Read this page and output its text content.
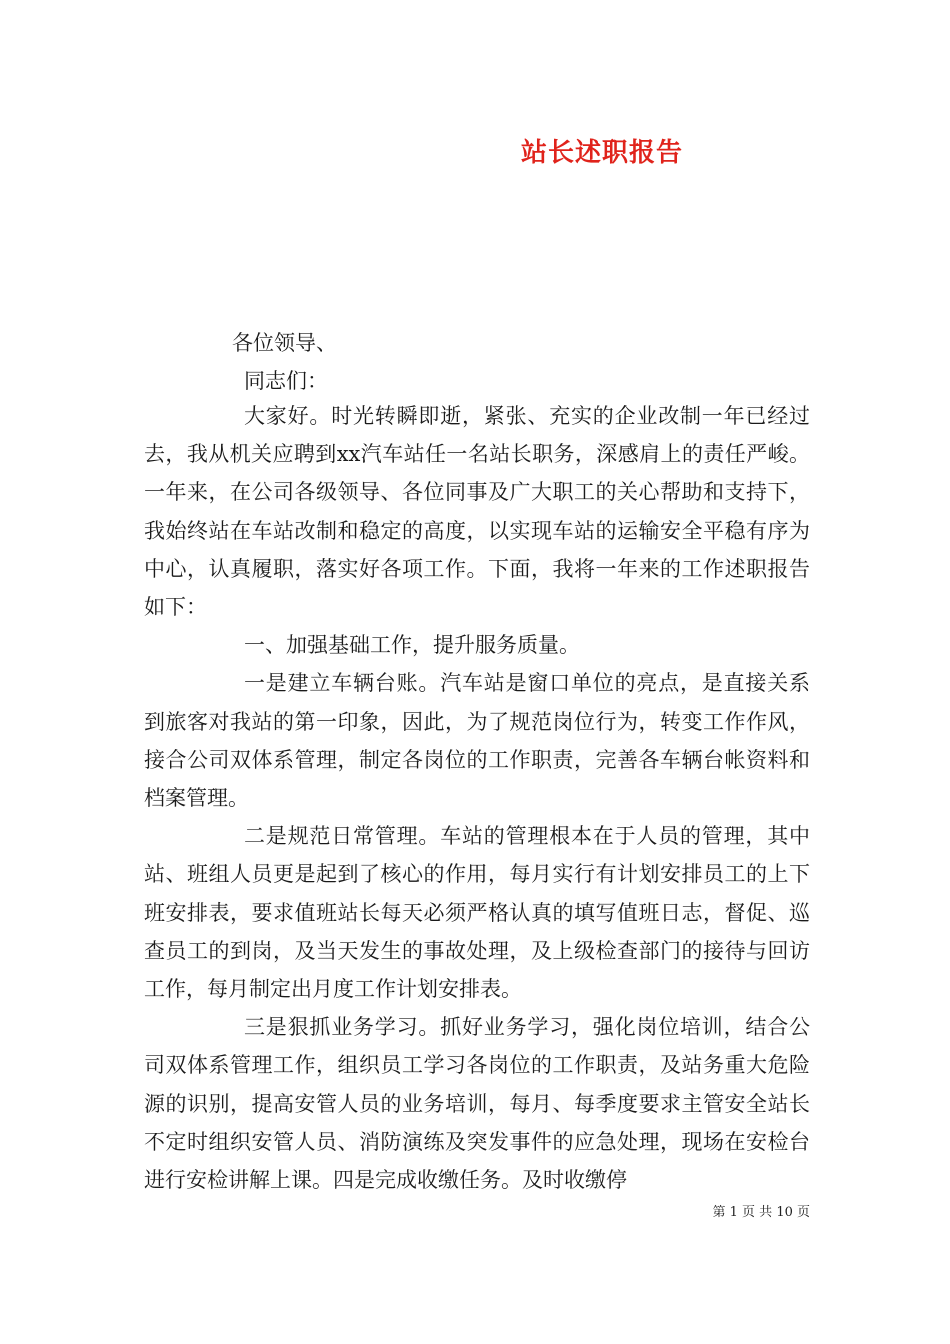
站长述职报告
各位领导、
同志们：

大家好。时光转瞬即逝，紧张、充实的企业改制一年已经过去，我从机关应聘到xx汽车站任一名站长职务，深感肩上的责任严峻。一年来，在公司各级领导、各位同事及广大职工的关心帮助和支持下，我始终站在车站改制和稳定的高度，以实现车站的运输安全平稳有序为中心，认真履职，落实好各项工作。下面，我将一年来的工作述职报告如下：

一、加强基础工作，提升服务质量。

一是建立车辆台账。汽车站是窗口单位的亮点，是直接关系到旅客对我站的第一印象，因此，为了规范岗位行为，转变工作作风，接合公司双体系管理，制定各岗位的工作职责，完善各车辆台帐资料和档案管理。

二是规范日常管理。车站的管理根本在于人员的管理，其中站、班组人员更是起到了核心的作用，每月实行有计划安排员工的上下班安排表，要求值班站长每天必须严格认真的填写值班日志，督促、巡查员工的到岗，及当天发生的事故处理，及上级检查部门的接待与回访工作，每月制定出月度工作计划安排表。

三是狠抓业务学习。抓好业务学习，强化岗位培训，结合公司双体系管理工作，组织员工学习各岗位的工作职责，及站务重大危险源的识别，提高安管人员的业务培训，每月、每季度要求主管安全站长不定时组织安管人员、消防演练及突发事件的应急处理，现场在安检台进行安检讲解上课。四是完成收缴任务。及时收缴停

第 1 页 共 10 页
